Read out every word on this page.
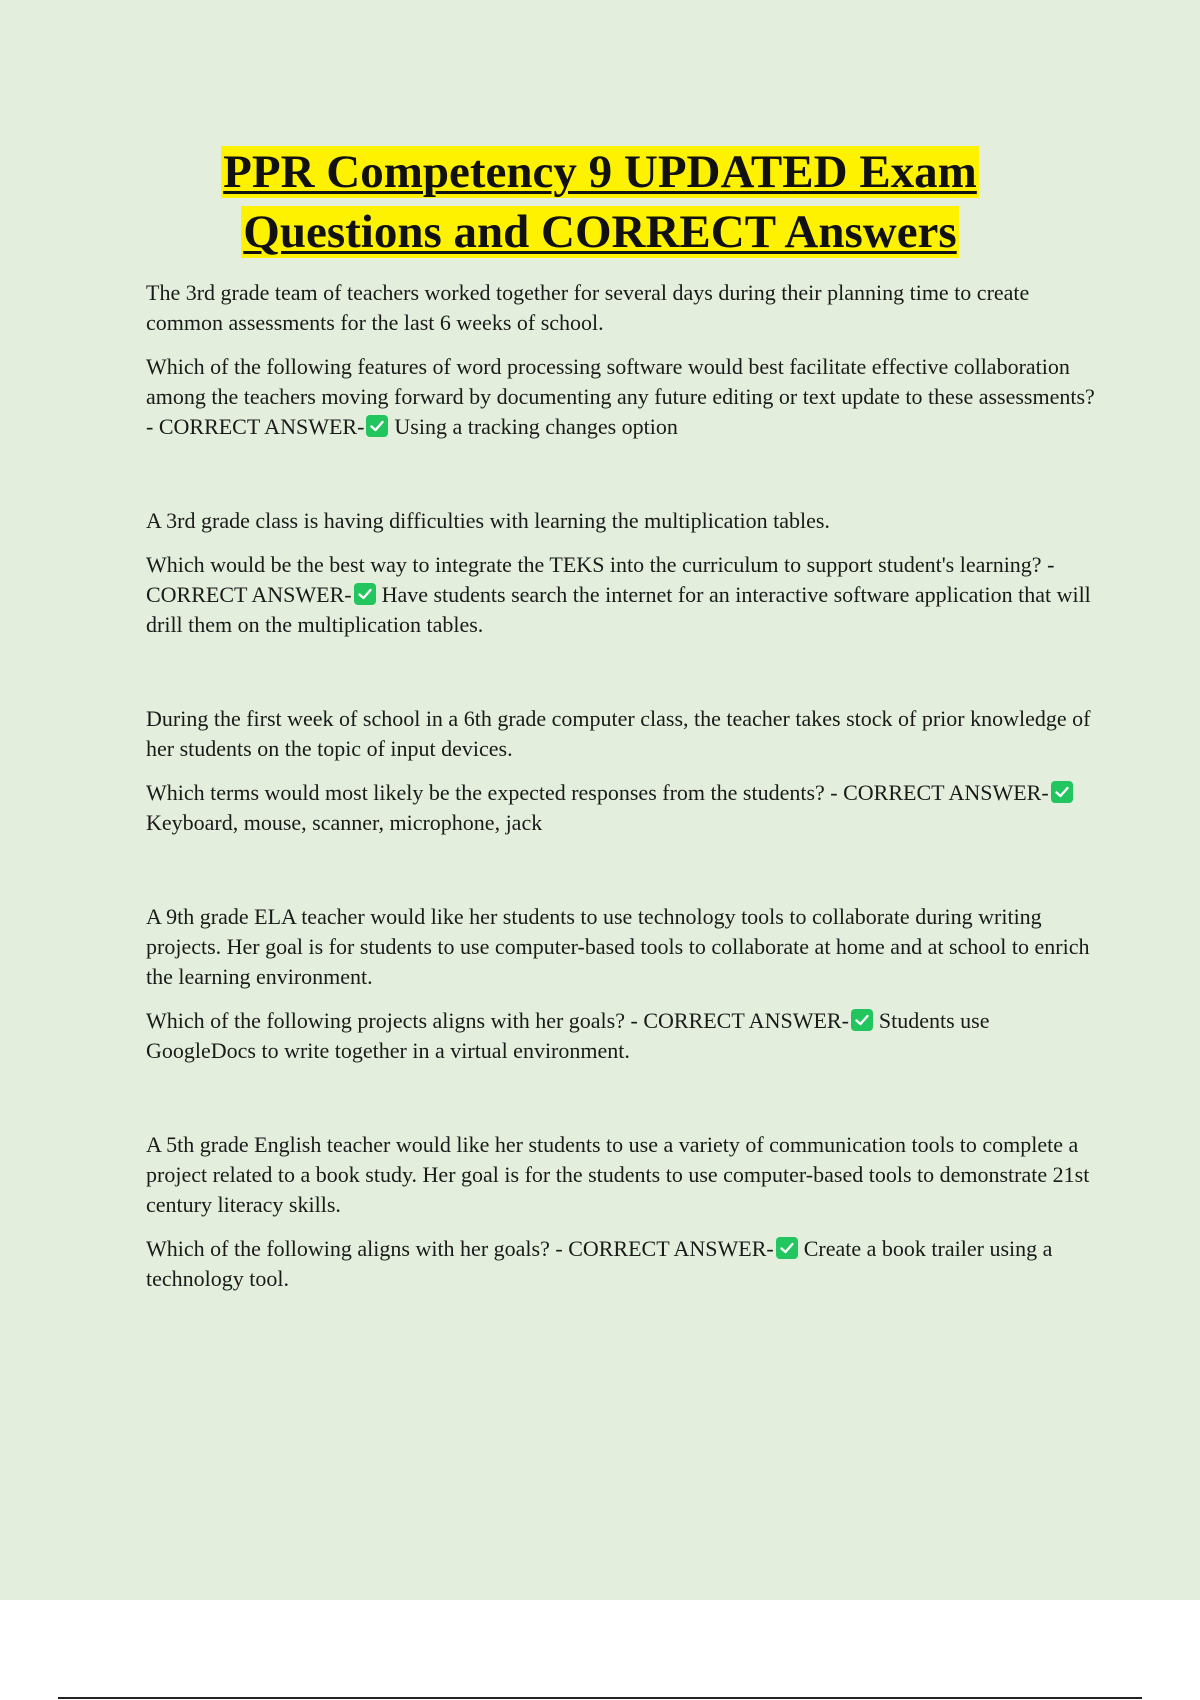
PPR Competency 9 UPDATED Exam
Questions and CORRECT Answers

The 3rd grade team of teachers worked together for several days during their planning time to create common assessments for the last 6 weeks of school.

Which of the following features of word processing software would best facilitate effective collaboration among the teachers moving forward by documenting any future editing or text update to these assessments? - CORRECT ANSWER- Using a tracking changes option

A 3rd grade class is having difficulties with learning the multiplication tables.

Which would be the best way to integrate the TEKS into the curriculum to support student's learning? - CORRECT ANSWER- Have students search the internet for an interactive software application that will drill them on the multiplication tables.

During the first week of school in a 6th grade computer class, the teacher takes stock of prior knowledge of her students on the topic of input devices.

Which terms would most likely be the expected responses from the students? - CORRECT ANSWER-
Keyboard, mouse, scanner, microphone, jack

A 9th grade ELA teacher would like her students to use technology tools to collaborate during writing projects. Her goal is for students to use computer-based tools to collaborate at home and at school to enrich the learning environment.

Which of the following projects aligns with her goals? - CORRECT ANSWER- Students use GoogleDocs to write together in a virtual environment.

A 5th grade English teacher would like her students to use a variety of communication tools to complete a project related to a book study. Her goal is for the students to use computer-based tools to demonstrate 21st century literacy skills.

Which of the following aligns with her goals? - CORRECT ANSWER- Create a book trailer using a technology tool.
